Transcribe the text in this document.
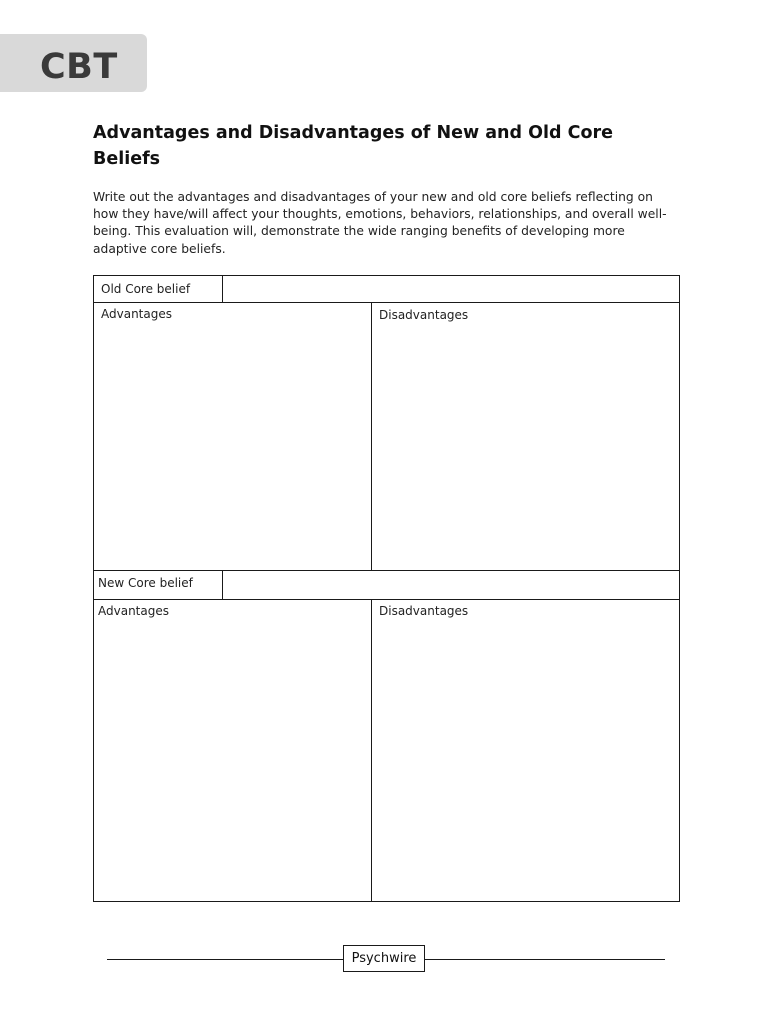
CBT
Advantages and Disadvantages of New and Old Core Beliefs
Write out the advantages and disadvantages of your new and old core beliefs reflecting on how they have/will affect your thoughts, emotions, behaviors, relationships, and overall well-being. This evaluation will, demonstrate the wide ranging benefits of developing more adaptive core beliefs.
Old Core belief
Advantages	Disadvantages
New Core belief
Advantages	Disadvantages
Psychwire
